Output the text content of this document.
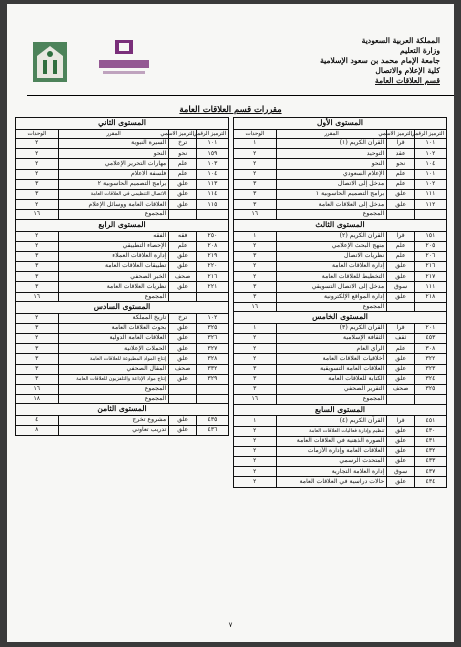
المملكة العربية السعودية
وزارة التعليم
جامعة الإمام محمد بن سعود الإسلامية
كلية الإعلام والاتصال
قسم العلاقات العامة
مقررات قسم العلاقات العامة
المستوى الأول			
الترميز الرقمي	الترميز الاسمي	المقرر	الوحدات
١٠١	قرا	القرآن الكريم (١)	١
١٠٢	عقد	التوحيد	٢
١٠٤	نحو	النحو	٢
١٠١	علم	الإعلام السعودي	٢
١٠٢	علم	مدخل إلى الاتصال	٣
١١١	علق	برامج التصميم الحاسوبية ١	٣
١١٢	علق	مدخل إلى العلاقات العامة	٣
		المجموع	١٦
المستوى الثالث			
١٥١	قرا	القرآن الكريم (٢)	١
٢٠٥	علم	منهج البحث الإعلامي	٢
٢٠٦	علم	نظريات الاتصال	٣
٢١٦	علق	إدارة العلاقات العامة	٢
٢١٧	علق	التخطيط للعلاقات العامة	٢
١١١	سوق	مدخل إلى الاتصال التسويقي	٣
٢١٨	علق	إدارة المواقع الإلكترونية	٣
		المجموع	١٦
المستوى الخامس			
٢٠١	قرا	القرآن الكريم (٣)	١
٤٥٣	ثقف	الثقافة الإسلامية	٢
٣٠٨	علم	الرأي العام	٢
٣٢٢	علق	أخلاقيات العلاقات العامة	٢
٣٢٣	علق	العلاقات العامة التسويقية	٣
٣٢٤	علق	الكتابة للعلاقات العامة	٣
٣٢٥	صحف	التقرير الصحفي	٣
		المجموع	١٦
المستوى السابع			
٤٥١	قرا	القرآن الكريم (٤)	١
٤٣٠	علق	تنظيم وإدارة فعاليات العلاقات العامة	٢
٤٣١	علق	الصورة الذهنية في العلاقات العامة	٢
٤٣٢	علق	العلاقات العامة وإدارة الأزمات	٢
٤٣٣	علق	المتحدث الرسمي	٢
٤٣٧	سوق	إدارة العلامة التجارية	٢
٤٣٤	علق	حالات دراسية في العلاقات العامة	٢
المستوى الثاني			
الترميز الرقمي	الترميز الاسمي	المقرر	الوحدات
١٠١	ترخ	السيرة النبوية	٢
١٥٩	نحو	النحو	٢
١٠٣	علم	مهارات التحرير الإعلامي	٢
١٠٤	علم	فلسفة الاعلام	٢
١١٣	علق	برامج التصميم الحاسوبية ٢	٣
١١٤	علق	الاتصال التنظيمي في العلاقات العامة	٣
١١٥	علق	العلاقات العامة ووسائل الإعلام	٢
		المجموع	١٦
المستوى الرابع			
٢٥٠	فقه	الفقه	٢
٢٠٨	علم	الإحصاء التطبيقي	٢
٢١٩	علق	إدارة العلاقات العملاء	٣
٢٢٠	علق	تطبيقات العلاقات العامة	٣
٢١٦	صحف	الخبر الصحفي	٣
٢٢١	علق	نظريات العلاقات العامة	٣
		المجموع	١٦
المستوى السادس			
١٠٢	ترخ	تاريخ المملكة	٢
٣٢٥	علق	بحوث العلاقات العامة	٣
٣٢٦	علق	العلاقات العامة الدولية	٢
٣٢٧	علق	الحملات الإعلانية	٣
٣٢٨	علق	إنتاج المواد المطبوعة للعلاقات العامة	٣
٣٣٢	صحف	المقال الصحفي	٣
٣٢٩	علق	إنتاج مواد الإذاعة والتلفزيون للعلاقات العامة	٣
		المجموع	١٦
		المجموع	١٨
المستوى الثامن			
٤٣٥	علق	مشروع تخرج	٤
٤٣٦	علق	تدريب تعاوني	٨
٧
